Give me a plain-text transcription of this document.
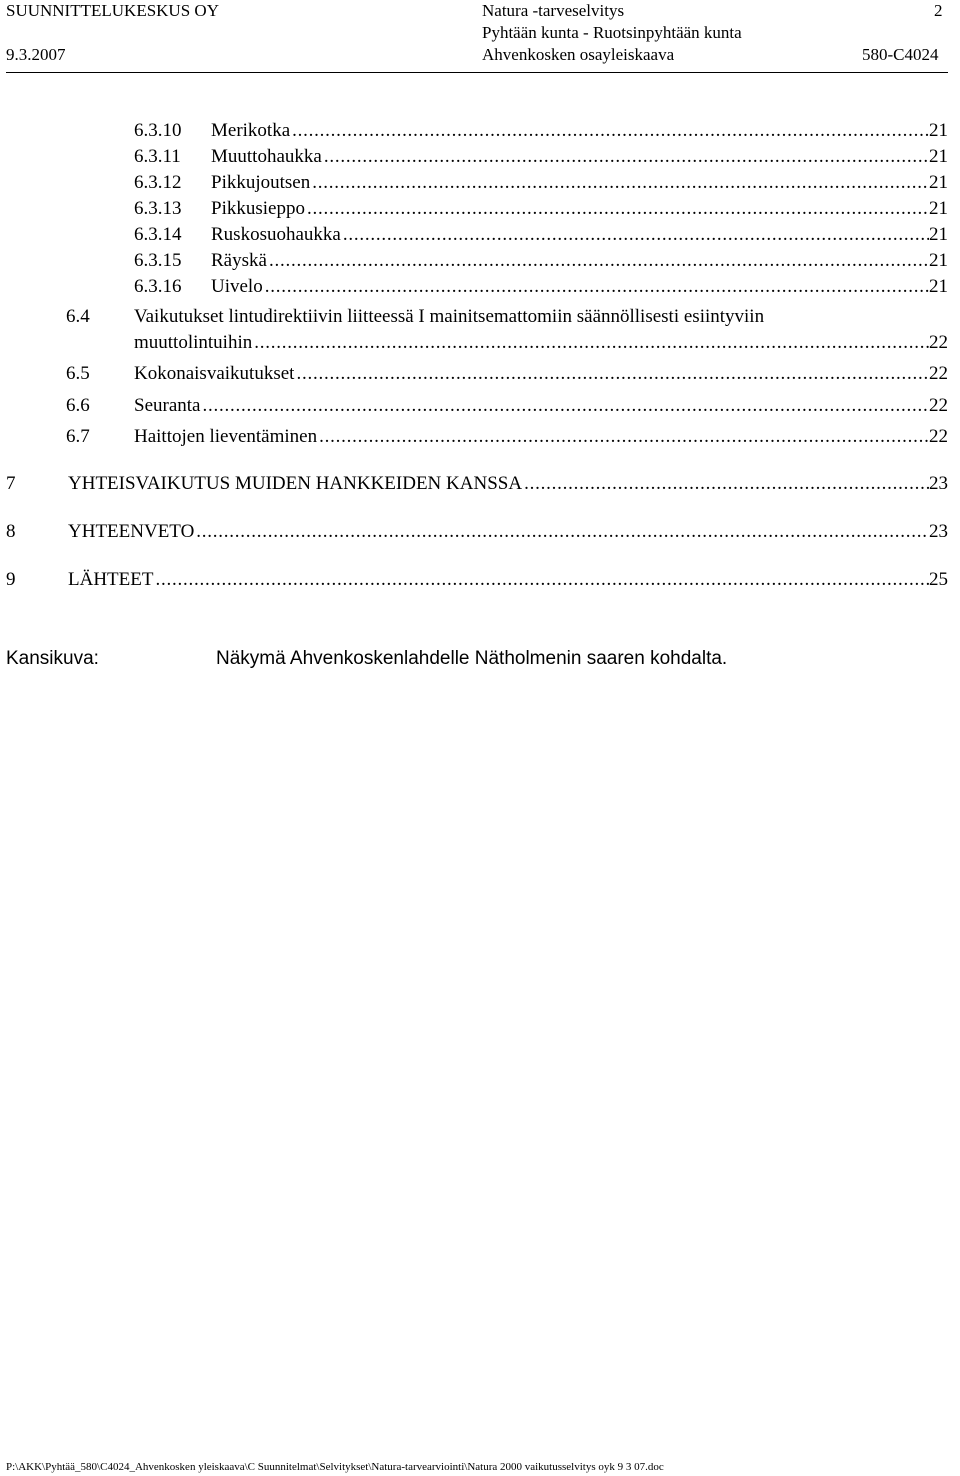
SUUNNITTELUKESKUS OY
9.3.2007
Natura -tarveselvitys
Pyhtään kunta - Ruotsinpyhtään kunta
Ahvenkosken osayleiskaava
2
580-C4024
6.3.10 Merikotka . . .	21
6.3.11 Muuttohaukka . . .	21
6.3.12 Pikkujoutsen . . .	21
6.3.13 Pikkusieppo . . .	21
6.3.14 Ruskosuohaukka . . .	21
6.3.15 Räyskä . . .	21
6.3.16 Uivelo . . .	21
6.4 Vaikutukset lintudirektiivin liitteessä I mainitsemattomiin säännöllisesti esiintyviin
muuttolintuihin . . .	22
6.5 Kokonaisvaikutukset . . .	22
6.6 Seuranta . . .	22
6.7 Haittojen lieventäminen . . .	22
7	YHTEISVAIKUTUS MUIDEN HANKKEIDEN KANSSA . . .	23
8	YHTEENVETO . . .	23
9	LÄHTEET . . .	25
Kansikuva:	Näkymä Ahvenkoskenlahdelle Nätholmenin saaren kohdalta.
P:\AKK\Pyhtää_580\C4024_Ahvenkosken yleiskaava\C Suunnitelmat\Selvitykset\Natura-tarvearviointi\Natura 2000 vaikutusselvitys oyk 9 3 07.doc
